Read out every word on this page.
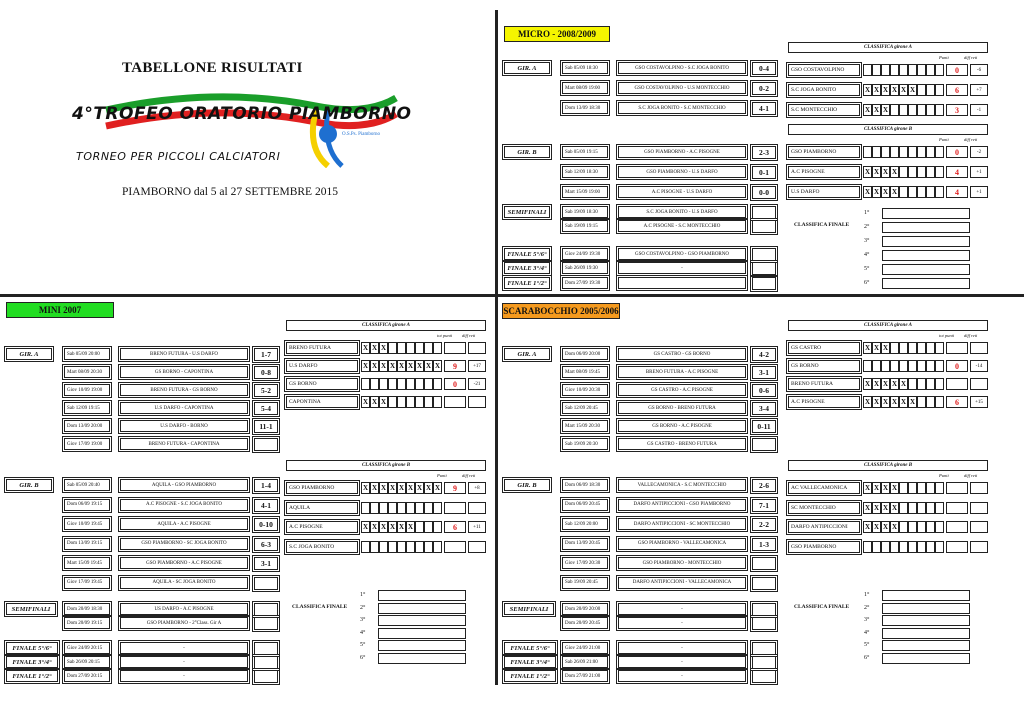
TABELLONE RISULTATI
4°TROFEO ORATORIO PIAMBORNO
TORNEO PER PICCOLI CALCIATORI
O.S.Ps. Piamborno
PIAMBORNO dal 5 al 27 SETTEMBRE 2015
MICRO - 2008/2009
GIR. A	Sab 05/09 18:30	GSO COSTAVOLPINO - S.C JOGA BONITO	0-4
Mart 08/09 19:00	GSO COSTAVOLPINO - U.S MONTECCHIO	0-2
Dom 13/09 18:30	S.C JOGA BONITO - S.C MONTECCHIO	4-1
GIR. B	Sab 05/09 19:15	GSO PIAMBORNO - A.C PISOGNE	2-3
Sab 12/09 18:30	GSO PIAMBORNO - U.S DARFO	0-1
Mart 15/09 19:00	A.C PISOGNE - U.S DARFO	0-0
SEMIFINALI	Sab 19/09 18:30	S.C JOGA BONITO - U.S DARFO
Sab 19/09 19:15	A.C PISOGNE - S.C MONTECCHIO
FINALE 5°/6°	Giov 24/09 19:30	GSO COSTAVOLPINO - GSO PIAMBORNO
FINALE 3°/4°	Sab 26/09 19:30	-
FINALE 1°/2°	Dom 27/09 19:30
CLASSIFICA girone A
Punti	diff reti
GSO COSTAVOLPINO	0	-6
S.C JOGA BONITO	X X X X X X	6	+7
S.C MONTECCHIO	X X X	3	-1
CLASSIFICA girone B
Punti	diff reti
GSO PIAMBORNO	0	-2
A.C PISOGNE	X X X X	4	+1
U.S DARFO	X X X X	4	+1
CLASSIFICA FINALE
1°
2°
3°
4°
5°
6°
MINI 2007
GIR. A	Sab 05/09 20:00	BRENO FUTURA - U.S DARFO	1-7
Mart 08/09 20:30	GS BORNO - CAPONTINA	0-8
Giov 10/09 19:00	BRENO FUTURA - GS BORNO	5-2
Sab 12/09 19:15	U.S DARFO - CAPONTINA	5-4
Dom 13/09 20:00	U.S DARFO - BORNO	11-1
Giov 17/09 19:00	BRENO FUTURA - CAPONTINA
GIR. B	Sab 05/09 20:40	AQUILA - GSO PIAMBORNO	1-4
Dom 06/09 19:15	A.C PISOGNE - S.C JOGA BONITO	4-1
Giov 10/09 19:45	AQUILA - A.C PISOGNE	0-10
Dom 13/09 19:15	GSO PIAMBORNO - SC JOGA BONITO	6-3
Mart 15/09 19:45	GSO PIAMBORNO - A.C PISOGNE	3-1
Giov 17/09 19:45	AQUILA - SC JOGA BONITO
SEMIFINALI	Dom 20/09 18:30	US DARFO - A.C PISOGNE
Dom 20/09 19:15	GSO PIAMBORNO - 2°Class. Gir A
FINALE 5°/6°	Giov 24/09 20:15	-
FINALE 3°/4°	Sab 26/09 20:15	-
FINALE 1°/2°	Dom 27/09 20:15	-
CLASSIFICA girone A
tot punti diff reti
BRENO FUTURA	X X X
U.S DARFO	X X X X X X X X X	9	+17
GS BORNO	0	-21
CAPONTINA	X X X
CLASSIFICA girone B
Punti	diff reti
GSO PIAMBORNO	X X X X X X X X X	9	+8
AQUILA
A.C PISOGNE	X X X X X X	6	+11
S.C JOGA BONITO
CLASSIFICA FINALE
1°
2°
3°
4°
5°
6°
SCARABOCCHIO 2005/2006
GIR. A	Dom 06/09 20:00	GS CASTRO - GS BORNO	4-2
Mart 08/09 19:45	BRENO FUTURA - A.C PISOGNE	3-1
Giov 10/09 20:30	GS CASTRO - A.C PISOGNE	0-6
Sab 12/09 20:45	GS BORNO - BRENO FUTURA	3-4
Mart 15/09 20:30	GS BORNO - A.C PISOGNE	0-11
Sab 19/09 20:30	GS CASTRO - BRENO FUTURA
GIR. B	Dom 06/09 18:30	VALLECAMONICA - S.C MONTECCHIO	2-6
Dom 06/09 20:45	DARFO ANTIPICCIONI - GSO PIAMBORNO	7-1
Sab 12/09 20:00	DARFO ANTIPICCIONI - SC MONTECCHIO	2-2
Dom 13/09 20:45	GSO PIAMBORNO - VALLECAMONICA	1-3
Giov 17/09 20:30	GSO PIAMBORNO - MONTECCHIO
Sab 19/09 20:45	DARFO ANTIPICCIONI - VALLECAMONICA
SEMIFINALI	Dom 20/09 20:00	-
Dom 20/09 20:45	-
FINALE 5°/6°	Giov 24/09 21:00	-
FINALE 3°/4°	Sab 26/09 21:00	-
FINALE 1°/2°	Dom 27/09 21:00	-
CLASSIFICA girone A
tot punti diff reti
GS CASTRO	X X X
GS BORNO	0	-14
BRENO FUTURA	X X X X X
A.C PISOGNE	X X X X X X	6	+15
CLASSIFICA girone B
Punti	diff reti
AC VALLECAMONICA	X X X X
SC MONTECCHIO	X X X X
DARFO ANTIPICCIONI	X X X X
GSO PIAMBORNO
CLASSIFICA FINALE
1°
2°
3°
4°
5°
6°
